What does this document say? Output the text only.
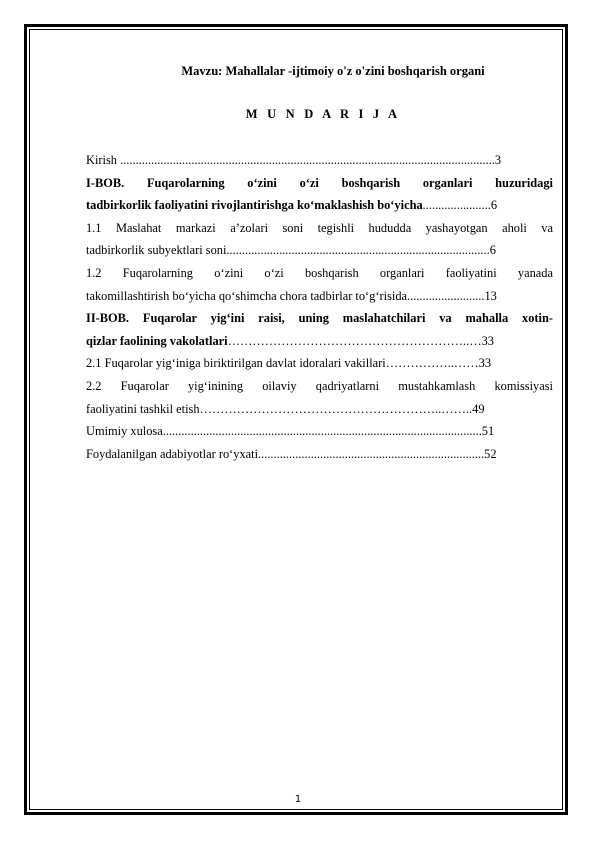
Mavzu: Mahallalar -ijtimoiy o'z o'zini boshqarish organi
M U N D A R I J A
Kirish .........................................................................................................................3
I-BOB. Fuqarolarning o‘zini o‘zi boshqarish organlari huzuridagi
tadbirkorlik faoliyatini rivojlantirishga ko‘maklashish bo‘yicha......................6
1.1 Maslahat markazi a’zolari soni tegishli hududda yashayotgan aholi va
tadbirkorlik subyektlari soni.....................................................................................6
1.2 Fuqarolarning o‘zini o‘zi boshqarish organlari faoliyatini yanada
takomillashtirish bo‘yicha qo‘shimcha chora tadbirlar to‘g‘risida.........................13
II-BOB. Fuqarolar yig‘ini raisi, uning maslahatchilari va mahalla xotin-
qizlar faolining vakolatlari…………………………………………………..…33
2.1 Fuqarolar yig‘iniga biriktirilgan davlat idoralari vakillari……………..……33
2.2 Fuqarolar yig‘inining oilaviy qadriyatlarni mustahkamlash komissiyasi
faoliyatini tashkil etish…………………………………………………..……..49
Umimiy xulosa.......................................................................................................51
Foydalanilgan adabiyotlar ro‘yxati.........................................................................52
1
